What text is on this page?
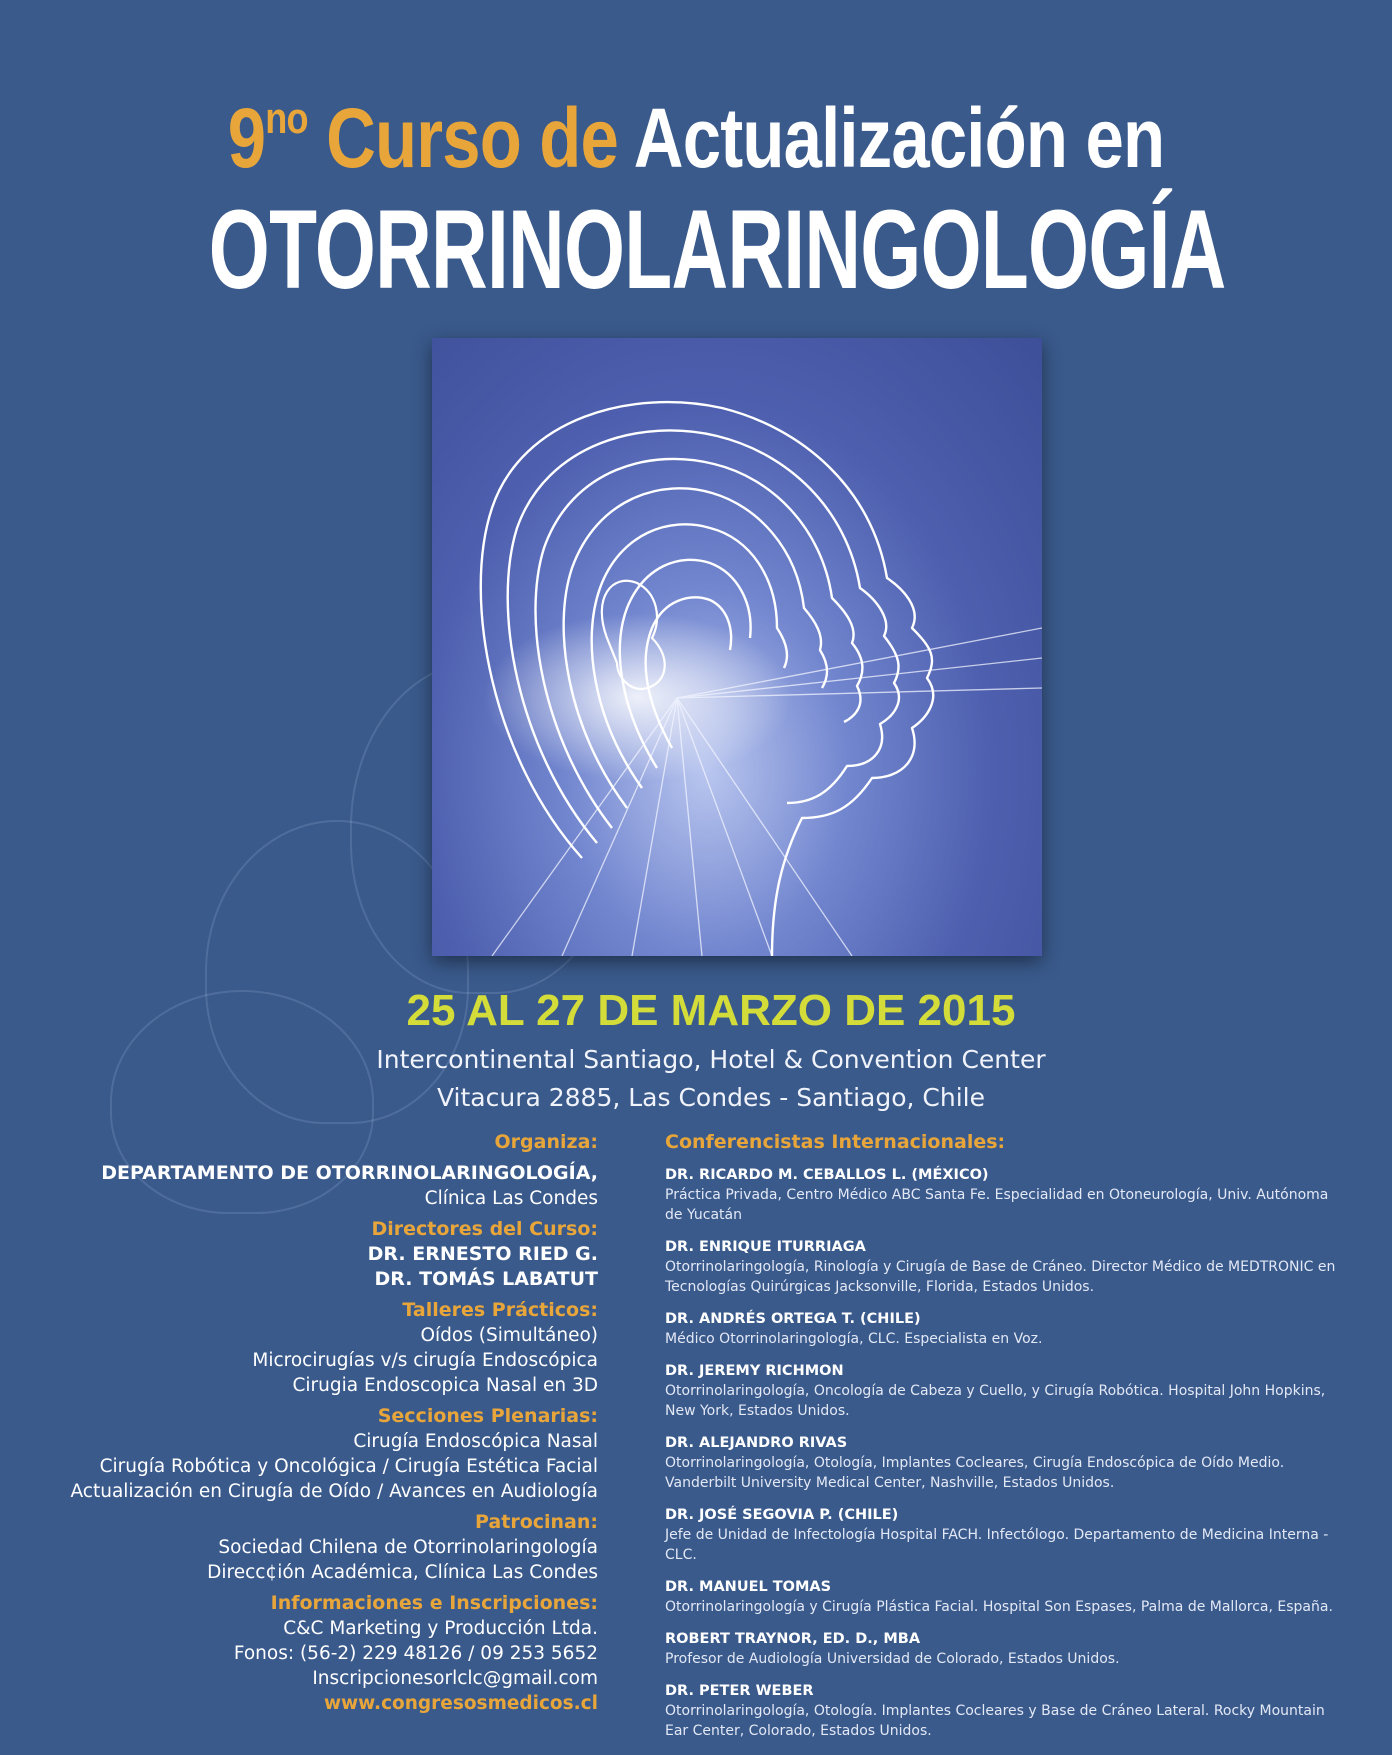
$9^{no}$ Curso de Actualización en
OTORRINOLARINGOLOGÍA
25 AL 27 DE MARZO DE 2015
Intercontinental Santiago, Hotel & Convention Center
Vitacura 2885, Las Condes - Santiago, Chile
Organiza:
DEPARTAMENTO DE OTORRINOLARINGOLOGÍA,
Clínica Las Condes
Directores del Curso:
DR. ERNESTO RIED G.
DR. TOMÁS LABATUT
Talleres Prácticos:
Oídos (Simultáneo)
Microcirugías v/s cirugía Endoscópica
Cirugia Endoscopica Nasal en 3D
Secciones Plenarias:
Cirugía Endoscópica Nasal
Cirugía Robótica y Oncológica / Cirugía Estética Facial
Actualización en Cirugía de Oído / Avances en Audiología
Patrocinan:
Sociedad Chilena de Otorrinolaringología
Direcc¢ión Académica, Clínica Las Condes
Informaciones e Inscripciones:
C&C Marketing y Producción Ltda.
Fonos: (56-2) 229 48126 / 09 253 5652
Inscripcionesorlclc@gmail.com
www.congresosmedicos.cl
Conferencistas Internacionales:
DR. RICARDO M. CEBALLOS L. (MÉXICO)
Práctica Privada, Centro Médico ABC Santa Fe. Especialidad en Otoneurología, Univ. Autónoma de Yucatán
DR. ENRIQUE ITURRIAGA
Otorrinolaringología, Rinología y Cirugía de Base de Cráneo. Director Médico de MEDTRONIC en Tecnologías Quirúrgicas Jacksonville, Florida, Estados Unidos.
DR. ANDRÉS ORTEGA T. (CHILE)
Médico Otorrinolaringología, CLC. Especialista en Voz.
DR. JEREMY RICHMON
Otorrinolaringología, Oncología de Cabeza y Cuello, y Cirugía Robótica. Hospital John Hopkins, New York, Estados Unidos.
DR. ALEJANDRO RIVAS
Otorrinolaringología, Otología, Implantes Cocleares, Cirugía Endoscópica de Oído Medio. Vanderbilt University Medical Center, Nashville, Estados Unidos.
DR. JOSÉ SEGOVIA P. (CHILE)
Jefe de Unidad de Infectología Hospital FACH. Infectólogo. Departamento de Medicina Interna - CLC.
DR. MANUEL TOMAS
Otorrinolaringología y Cirugía Plástica Facial. Hospital Son Espases, Palma de Mallorca, España.
ROBERT TRAYNOR, ED. D., MBA
Profesor de Audiología Universidad de Colorado, Estados Unidos.
DR. PETER WEBER
Otorrinolaringología, Otología. Implantes Cocleares y Base de Cráneo Lateral. Rocky Mountain Ear Center, Colorado, Estados Unidos.
